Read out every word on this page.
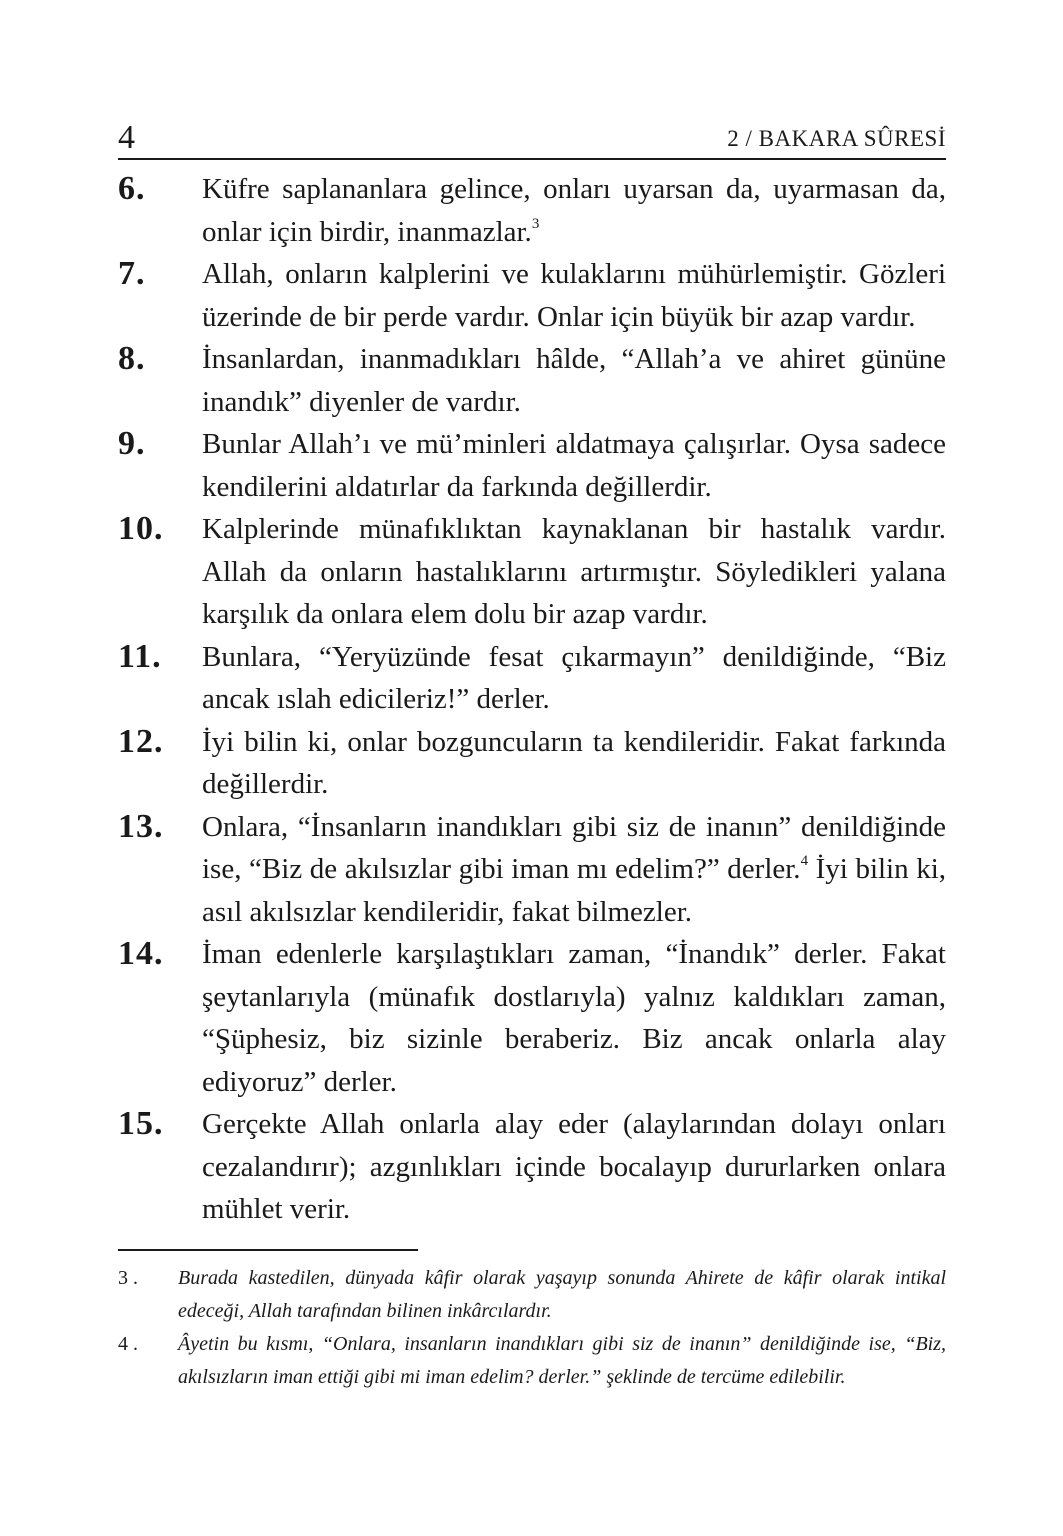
4	2 / BAKARA SÛRESİ
6. Küfre saplananlara gelince, onları uyarsan da, uyarmasan da, onlar için birdir, inanmazlar.$^3$
7. Allah, onların kalplerini ve kulaklarını mühürlemiştir. Gözleri üzerinde de bir perde vardır. Onlar için büyük bir azap vardır.
8. İnsanlardan, inanmadıkları hâlde, “Allah’a ve ahiret gününe inandık” diyenler de vardır.
9. Bunlar Allah’ı ve mü’minleri aldatmaya çalışırlar. Oysa sadece kendilerini aldatırlar da farkında değillerdir.
10. Kalplerinde münafıklıktan kaynaklanan bir hastalık vardır. Allah da onların hastalıklarını artırmıştır. Söyledikleri yalana karşılık da onlara elem dolu bir azap vardır.
11. Bunlara, “Yeryüzünde fesat çıkarmayın” denildiğinde, “Biz ancak ıslah edicileriz!” derler.
12. İyi bilin ki, onlar bozguncuların ta kendileridir. Fakat farkında değillerdir.
13. Onlara, “İnsanların inandıkları gibi siz de inanın” denildiğinde ise, “Biz de akılsızlar gibi iman mı edelim?” derler.$^4$ İyi bilin ki, asıl akılsızlar kendileridir, fakat bilmezler.
14. İman edenlerle karşılaştıkları zaman, “İnandık” derler. Fakat şeytanlarıyla (münafık dostlarıyla) yalnız kaldıkları zaman, “Şüphesiz, biz sizinle beraberiz. Biz ancak onlarla alay ediyoruz” derler.
15. Gerçekte Allah onlarla alay eder (alaylarından dolayı onları cezalandırır); azgınlıkları içinde bocalayıp dururlarken onlara mühlet verir.
3 . Burada kastedilen, dünyada kâfir olarak yaşayıp sonunda Ahirete de kâfir olarak intikal edeceği, Allah tarafından bilinen inkârcılardır.
4 . Âyetin bu kısmı, “Onlara, insanların inandıkları gibi siz de inanın” denildiğinde ise, “Biz, akılsızların iman ettiği gibi mi iman edelim? derler.” şeklinde de tercüme edilebilir.
